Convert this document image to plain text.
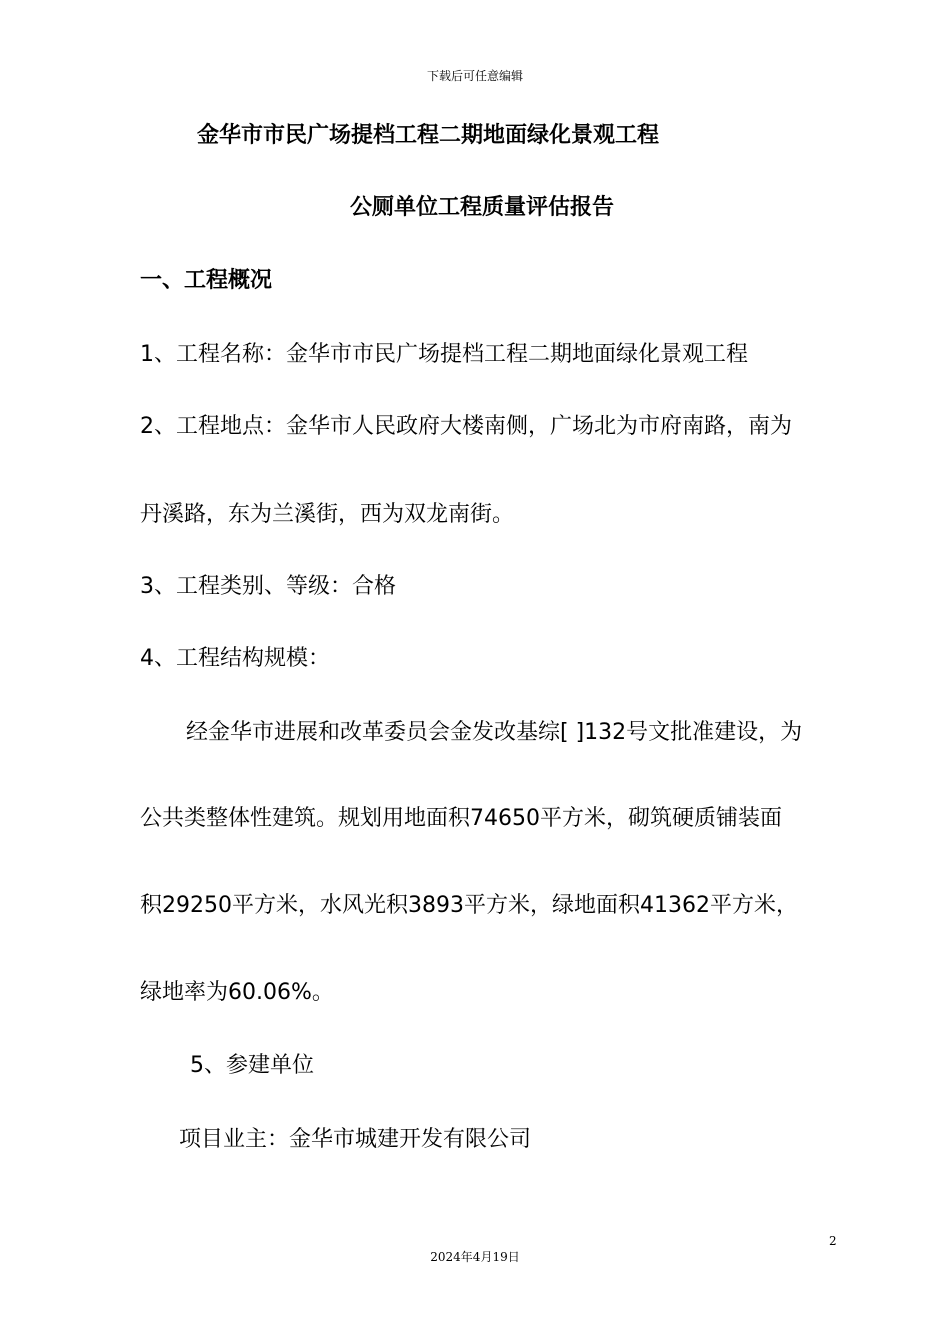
下载后可任意编辑
金华市市民广场提档工程二期地面绿化景观工程
公厕单位工程质量评估报告
一、工程概况
1、工程名称：金华市市民广场提档工程二期地面绿化景观工程
2、工程地点：金华市人民政府大楼南侧，广场北为市府南路，南为
丹溪路，东为兰溪街，西为双龙南街。
3、工程类别、等级：合格
4、工程结构规模：
经金华市进展和改革委员会金发改基综[ ]132号文批准建设，为
公共类整体性建筑。规划用地面积74650平方米，砌筑硬质铺装面
积29250平方米，水风光积3893平方米，绿地面积41362平方米，
绿地率为60.06%。
5、参建单位
项目业主：金华市城建开发有限公司
2
2024年4月19日
